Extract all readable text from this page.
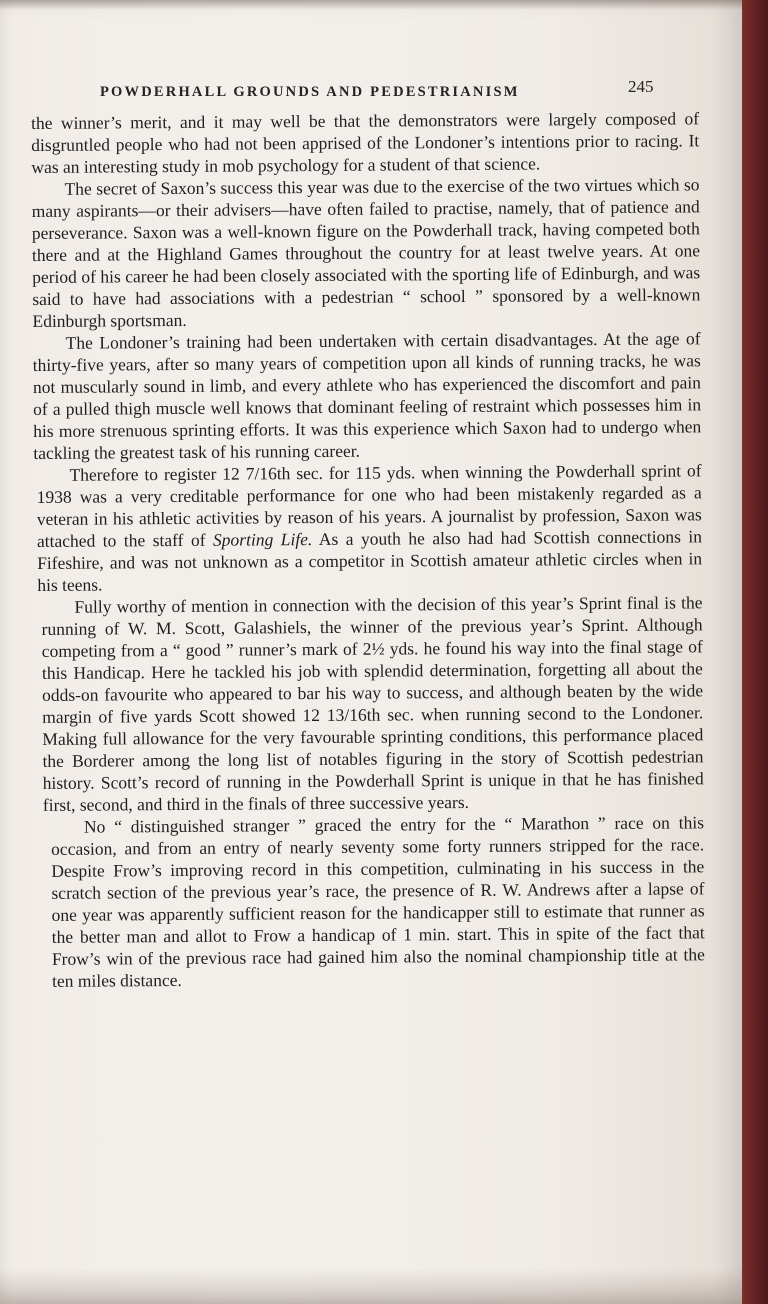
POWDERHALL GROUNDS AND PEDESTRIANISM	245

the winner’s merit, and it may well be that the demonstrators were largely composed of disgruntled people who had not been apprised of the Londoner’s intentions prior to racing. It was an interesting study in mob psychology for a student of that science.

The secret of Saxon’s success this year was due to the exercise of the two virtues which so many aspirants—or their advisers—have often failed to practise, namely, that of patience and perseverance. Saxon was a well-known figure on the Powderhall track, having competed both there and at the Highland Games throughout the country for at least twelve years. At one period of his career he had been closely associated with the sporting life of Edinburgh, and was said to have had associations with a pedestrian “ school ” sponsored by a well-known Edinburgh sportsman.

The Londoner’s training had been undertaken with certain disadvantages. At the age of thirty-five years, after so many years of competition upon all kinds of running tracks, he was not muscularly sound in limb, and every athlete who has experienced the discomfort and pain of a pulled thigh muscle well knows that dominant feeling of restraint which possesses him in his more strenuous sprinting efforts. It was this experience which Saxon had to undergo when tackling the greatest task of his running career.

Therefore to register 12 7/16th sec. for 115 yds. when winning the Powderhall sprint of 1938 was a very creditable performance for one who had been mistakenly regarded as a veteran in his athletic activities by reason of his years. A journalist by profession, Saxon was attached to the staff of Sporting Life. As a youth he also had had Scottish connections in Fifeshire, and was not unknown as a competitor in Scottish amateur athletic circles when in his teens.

Fully worthy of mention in connection with the decision of this year’s Sprint final is the running of W. M. Scott, Galashiels, the winner of the previous year’s Sprint. Although competing from a “ good ” runner’s mark of 2½ yds. he found his way into the final stage of this Handicap. Here he tackled his job with splendid determination, forgetting all about the odds-on favourite who appeared to bar his way to success, and although beaten by the wide margin of five yards Scott showed 12 13/16th sec. when running second to the Londoner. Making full allowance for the very favourable sprinting conditions, this performance placed the Borderer among the long list of notables figuring in the story of Scottish pedestrian history. Scott’s record of running in the Powderhall Sprint is unique in that he has finished first, second, and third in the finals of three successive years.

No “ distinguished stranger ” graced the entry for the “ Marathon ” race on this occasion, and from an entry of nearly seventy some forty runners stripped for the race. Despite Frow’s improving record in this competition, culminating in his success in the scratch section of the previous year’s race, the presence of R. W. Andrews after a lapse of one year was apparently sufficient reason for the handicapper still to estimate that runner as the better man and allot to Frow a handicap of 1 min. start. This in spite of the fact that Frow’s win of the previous race had gained him also the nominal championship title at the ten miles distance.
